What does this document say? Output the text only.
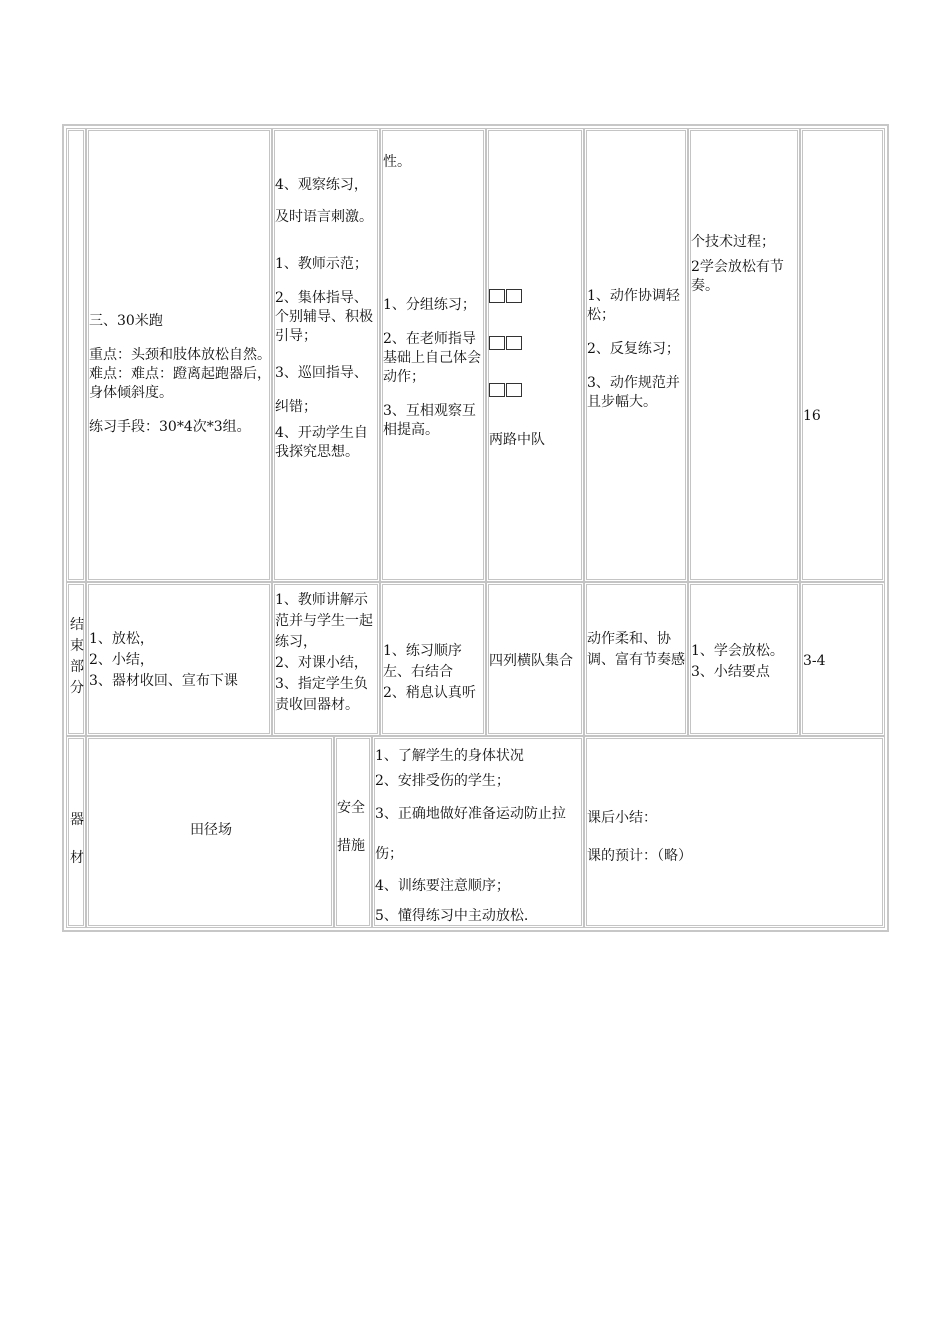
三、30米跑
重点：头颈和肢体放松自然。难点：难点：蹬离起跑器后，身体倾斜度。
练习手段：30*4次*3组。
4、观察练习，及时语言刺激。
1、教师示范；
2、集体指导、个别辅导、积极引导；
3、巡回指导、纠错；
4、开动学生自我探究思想。
性。
1、分组练习；
2、在老师指导基础上自己体会动作；
3、互相观察互相提高。
两路中队
1、动作协调轻松；
2、反复练习；
3、动作规范并且步幅大。
个技术过程；
2学会放松有节奏。
16
结束部分
1、放松，
2、小结，
3、器材收回、宣布下课
1、教师讲解示范并与学生一起练习，
2、对课小结，
3、指定学生负责收回器材。
1、练习顺序左、右结合
2、稍息认真听
四列横队集合
动作柔和、协调、富有节奏感
1、学会放松。
3、小结要点
3-4
器材
田径场
安全措施
1、了解学生的身体状况
2、安排受伤的学生；
3、正确地做好准备运动防止拉伤；
4、训练要注意顺序；
5、懂得练习中主动放松.
课后小结：
课的预计：（略）
